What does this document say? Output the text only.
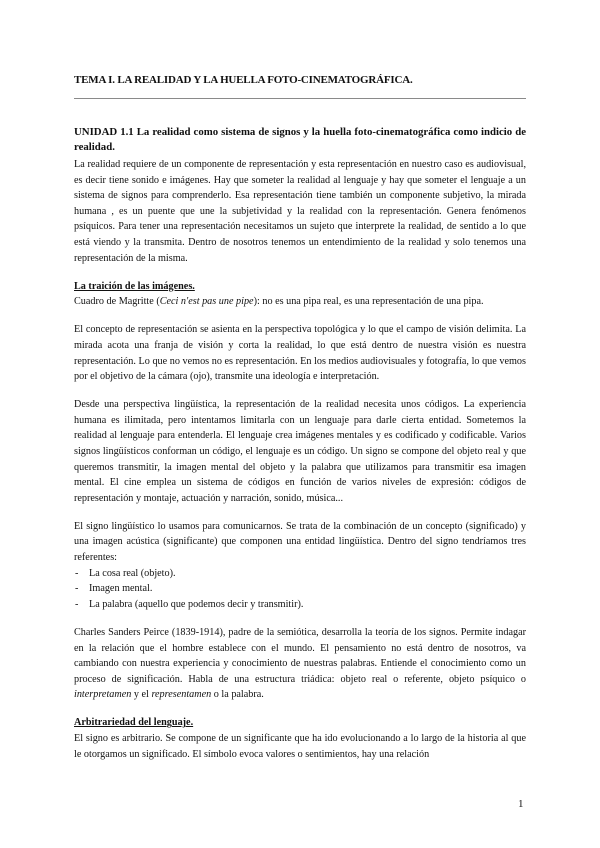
TEMA I. LA REALIDAD Y LA HUELLA FOTO-CINEMATOGRÁFICA.

UNIDAD 1.1 La realidad como sistema de signos y la huella foto-cinematográfica como indicio de realidad.

La realidad requiere de un componente de representación y esta representación en nuestro caso es audiovisual, es decir tiene sonido e imágenes. Hay que someter la realidad al lenguaje y hay que someter el lenguaje a un sistema de signos para comprenderlo. Esa representación tiene también un componente subjetivo, la mirada humana , es un puente que une la subjetividad y la realidad con la representación. Genera fenómenos psíquicos. Para tener una representación necesitamos un sujeto que interprete la realidad, de sentido a lo que está viendo y la transmita. Dentro de nosotros tenemos un entendimiento de la realidad y solo tenemos una representación de la misma.

La traición de las imágenes.

Cuadro de Magritte (Ceci n'est pas une pipe): no es una pipa real, es una representación de una pipa.

El concepto de representación se asienta en la perspectiva topológica y lo que el campo de visión delimita. La mirada acota una franja de visión y corta la realidad, lo que está dentro de nuestra visión es nuestra representación. Lo que no vemos no es representación. En los medios audiovisuales y fotografía, lo que vemos por el objetivo de la cámara (ojo), transmite una ideología e interpretación.

Desde una perspectiva lingüística, la representación de la realidad necesita unos códigos. La experiencia humana es ilimitada, pero intentamos limitarla con un lenguaje para darle cierta entidad. Sometemos la realidad al lenguaje para entenderla. El lenguaje crea imágenes mentales y es codificado y codificable. Varios signos lingüísticos conforman un código, el lenguaje es un código. Un signo se compone del objeto real y que queremos transmitir, la imagen mental del objeto y la palabra que utilizamos para transmitir esa imagen mental. El cine emplea un sistema de códigos en función de varios niveles de expresión: códigos de representación y montaje, actuación y narración, sonido, música...

El signo lingüístico lo usamos para comunicarnos. Se trata de la combinación de un concepto (significado) y una imagen acústica (significante) que componen una entidad lingüística. Dentro del signo tendríamos tres referentes:

- La cosa real (objeto).
- Imagen mental.
- La palabra (aquello que podemos decir y transmitir).

Charles Sanders Peirce (1839-1914), padre de la semiótica, desarrolla la teoría de los signos. Permite indagar en la relación que el hombre establece con el mundo. El pensamiento no está dentro de nosotros, va cambiando con nuestra experiencia y conocimiento de nuestras palabras. Entiende el conocimiento como un proceso de significación. Habla de una estructura triádica: objeto real o referente, objeto psíquico o interpretamen y el representamen o la palabra.

Arbitrariedad del lenguaje.

El signo es arbitrario. Se compone de un significante que ha ido evolucionando a lo largo de la historia al que le otorgamos un significado. El símbolo evoca valores o sentimientos, hay una relación

1
